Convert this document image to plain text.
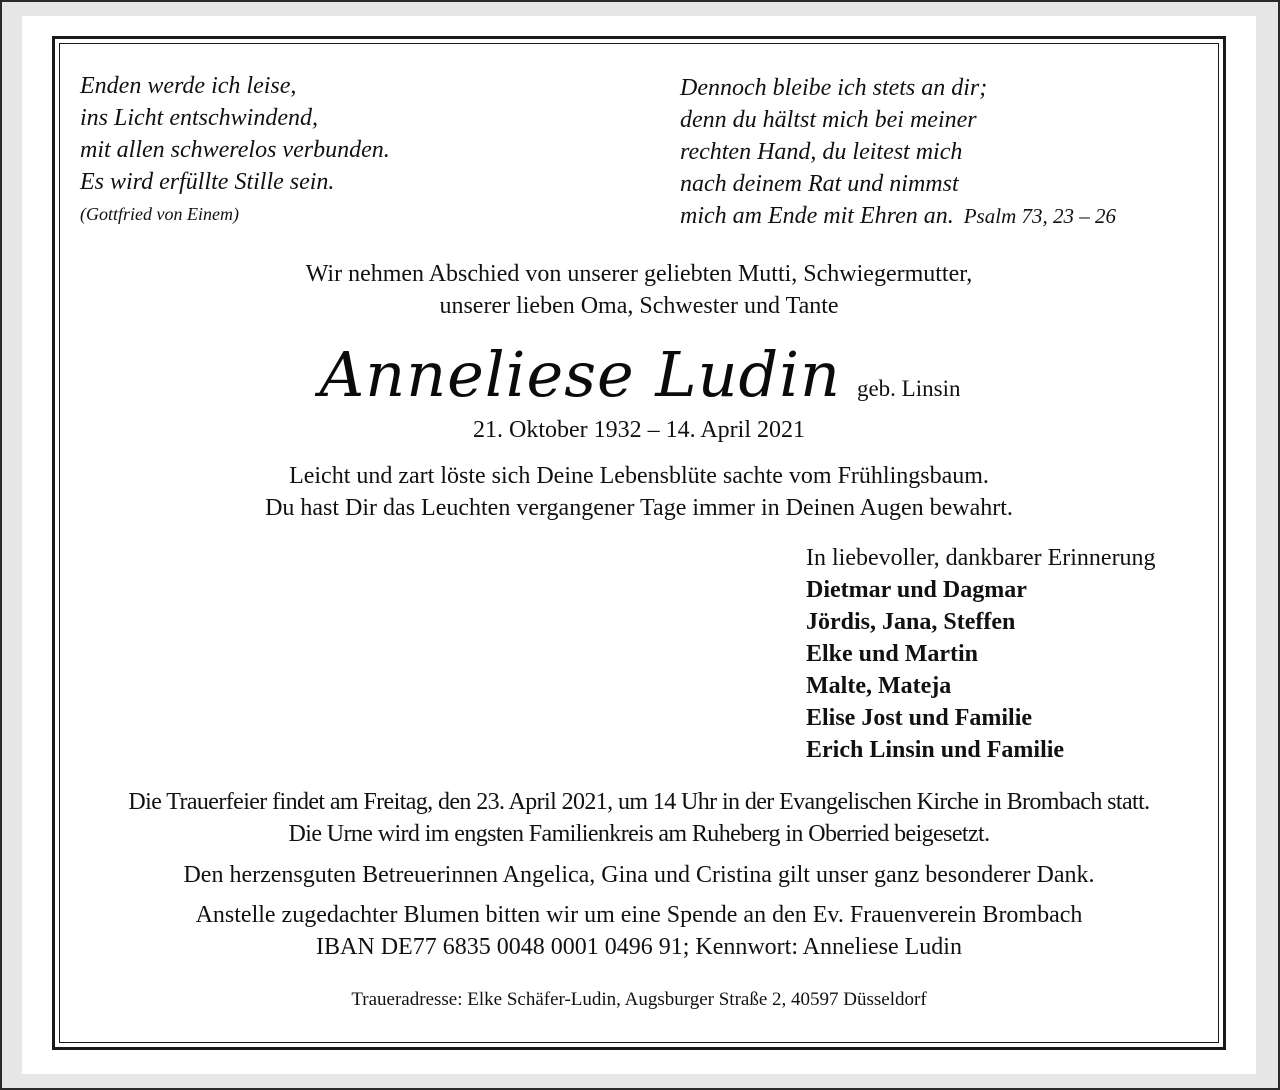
Enden werde ich leise,
ins Licht entschwindend,
mit allen schwerelos verbunden.
Es wird erfüllte Stille sein.
(Gottfried von Einem)
Dennoch bleibe ich stets an dir;
denn du hältst mich bei meiner
rechten Hand, du leitest mich
nach deinem Rat und nimmst
mich am Ende mit Ehren an. Psalm 73, 23 – 26
Wir nehmen Abschied von unserer geliebten Mutti, Schwiegermutter,
unserer lieben Oma, Schwester und Tante
Anneliese Ludin geb. Linsin
21. Oktober 1932 – 14. April 2021
Leicht und zart löste sich Deine Lebensblüte sachte vom Frühlingsbaum.
Du hast Dir das Leuchten vergangener Tage immer in Deinen Augen bewahrt.
In liebevoller, dankbarer Erinnerung
Dietmar und Dagmar
Jördis, Jana, Steffen
Elke und Martin
Malte, Mateja
Elise Jost und Familie
Erich Linsin und Familie
Die Trauerfeier findet am Freitag, den 23. April 2021, um 14 Uhr in der Evangelischen Kirche in Brombach statt.
Die Urne wird im engsten Familienkreis am Ruheberg in Oberried beigesetzt.
Den herzensguten Betreuerinnen Angelica, Gina und Cristina gilt unser ganz besonderer Dank.
Anstelle zugedachter Blumen bitten wir um eine Spende an den Ev. Frauenverein Brombach
IBAN DE77 6835 0048 0001 0496 91; Kennwort: Anneliese Ludin
Traueradresse: Elke Schäfer-Ludin, Augsburger Straße 2, 40597 Düsseldorf
